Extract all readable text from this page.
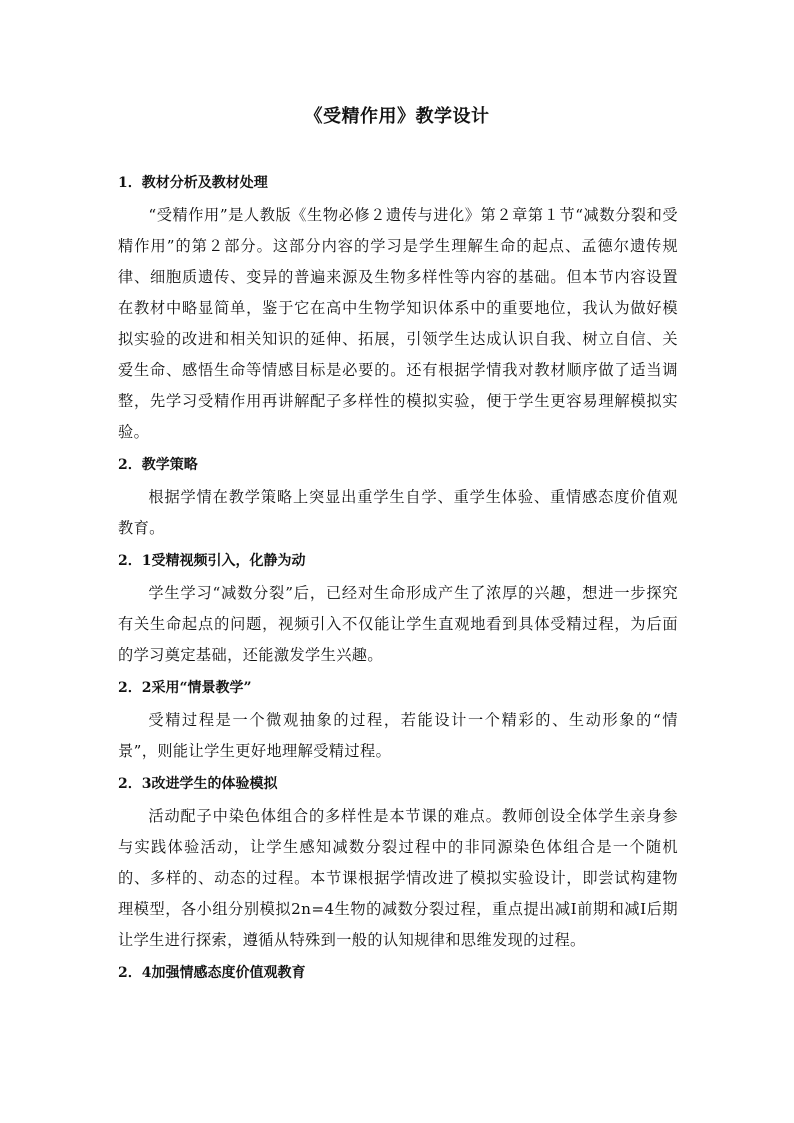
《受精作用》教学设计
1．教材分析及教材处理
“受精作用”是人教版《生物必修２遗传与进化》第２章第１节“减数分裂和受精作用”的第２部分。这部分内容的学习是学生理解生命的起点、孟德尔遗传规律、细胞质遗传、变异的普遍来源及生物多样性等内容的基础。但本节内容设置在教材中略显简单，鉴于它在高中生物学知识体系中的重要地位，我认为做好模拟实验的改进和相关知识的延伸、拓展，引领学生达成认识自我、树立自信、关爱生命、感悟生命等情感目标是必要的。还有根据学情我对教材顺序做了适当调整，先学习受精作用再讲解配子多样性的模拟实验，便于学生更容易理解模拟实验。
2．教学策略
根据学情在教学策略上突显出重学生自学、重学生体验、重情感态度价值观教育。
2．1受精视频引入，化静为动
学生学习“减数分裂”后，已经对生命形成产生了浓厚的兴趣，想进一步探究有关生命起点的问题，视频引入不仅能让学生直观地看到具体受精过程，为后面的学习奠定基础，还能激发学生兴趣。
2．2采用“情景教学”
受精过程是一个微观抽象的过程，若能设计一个精彩的、生动形象的“情景”，则能让学生更好地理解受精过程。
2．3改进学生的体验模拟
活动配子中染色体组合的多样性是本节课的难点。教师创设全体学生亲身参与实践体验活动，让学生感知减数分裂过程中的非同源染色体组合是一个随机的、多样的、动态的过程。本节课根据学情改进了模拟实验设计，即尝试构建物理模型，各小组分别模拟2n=4生物的减数分裂过程，重点提出减Ⅰ前期和减Ⅰ后期让学生进行探索，遵循从特殊到一般的认知规律和思维发现的过程。
2．4加强情感态度价值观教育
